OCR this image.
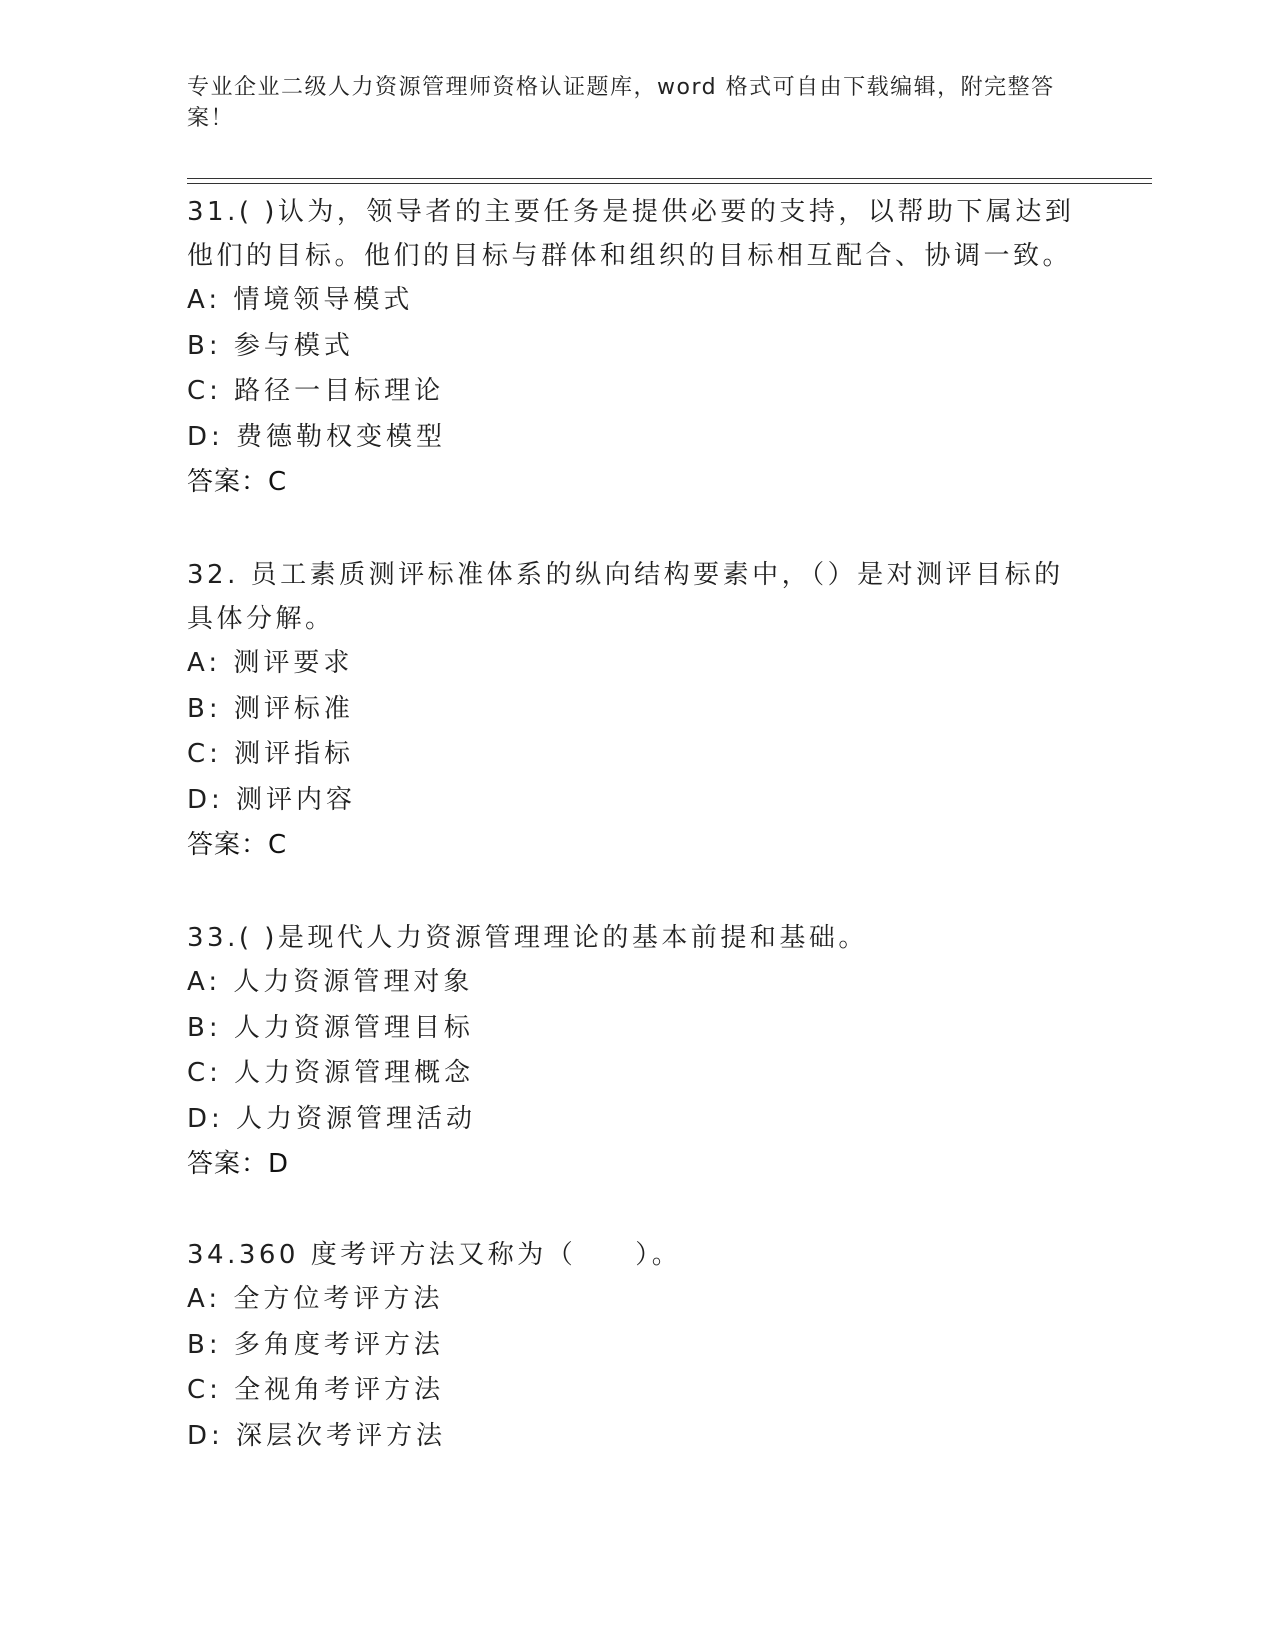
专业企业二级人力资源管理师资格认证题库，word 格式可自由下载编辑，附完整答案！

31.( )认为，领导者的主要任务是提供必要的支持，以帮助下属达到他们的目标。他们的目标与群体和组织的目标相互配合、协调一致。

A: 情境领导模式
B: 参与模式
C: 路径一目标理论
D: 费德勒权变模型
答案：C

32. 员工素质测评标准体系的纵向结构要素中，（）是对测评目标的具体分解。

A: 测评要求
B: 测评标准
C: 测评指标
D: 测评内容
答案：C

33.( )是现代人力资源管理理论的基本前提和基础。

A: 人力资源管理对象
B: 人力资源管理目标
C: 人力资源管理概念
D: 人力资源管理活动
答案：D

34.360 度考评方法又称为（　　）。

A: 全方位考评方法
B: 多角度考评方法
C: 全视角考评方法
D: 深层次考评方法
